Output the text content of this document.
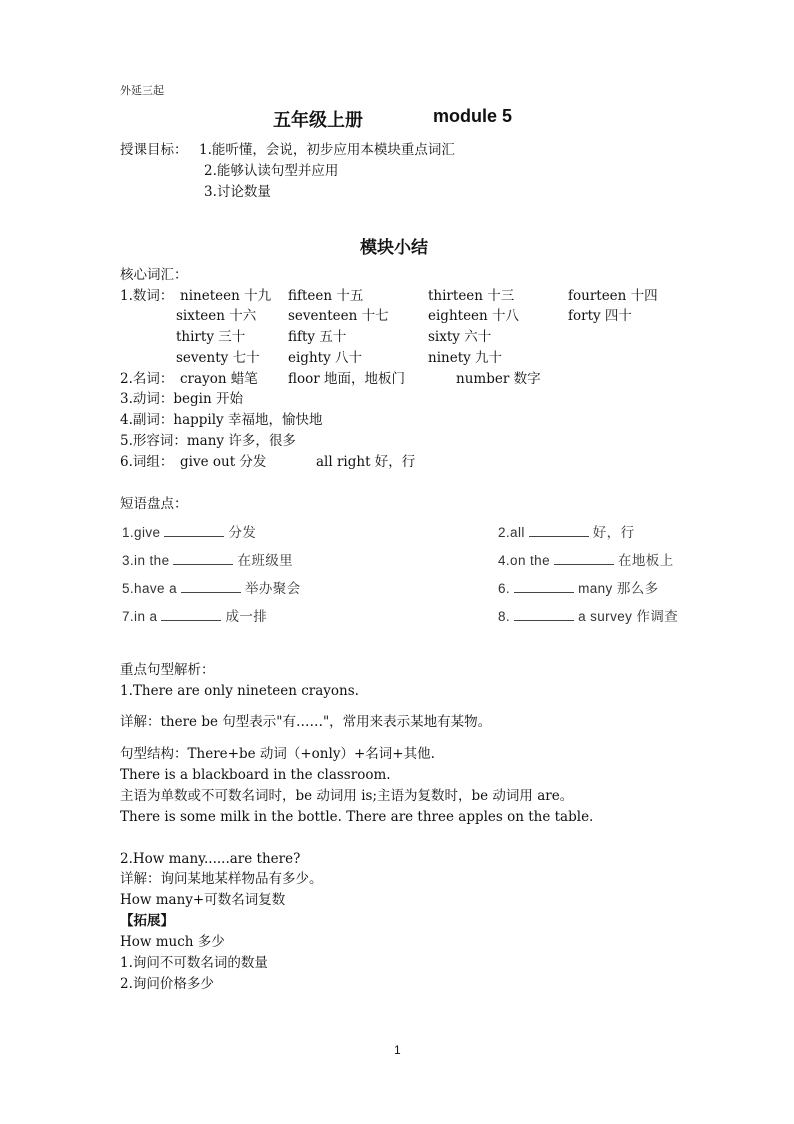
外延三起
五年级上册	module 5
授课目标： 1.能听懂，会说，初步应用本模块重点词汇
2.能够认读句型并应用
3.讨论数量
模块小结
核心词汇：
1.数词： nineteen 十九 fifteen 十五	thirteen 十三	fourteen 十四
sixteen 十六 seventeen 十七	eighteen 十八	forty 四十
thirty 三十	fifty 五十	sixty 六十
seventy 七十 eighty 八十	ninety 九十
2.名词： crayon 蜡笔 floor 地面，地板门	number 数字
3.动词：begin 开始
4.副词：happily 幸福地，愉快地
5.形容词：many 许多，很多
6.词组： give out 分发	all right 好，行
短语盘点：
1.give	分发	2.all	好，行
3.in the	在班级里	4.on the	在地板上
5.have a	举办聚会	6.	many 那么多
7.in a	成一排	8.	a survey 作调查
重点句型解析：
1.There are only nineteen crayons.
详解：there be 句型表示"有……"，常用来表示某地有某物。
句型结构：There+be 动词（+only）+名词+其他.
There is a blackboard in the classroom.
主语为单数或不可数名词时，be 动词用 is;主语为复数时，be 动词用 are。
There is some milk in the bottle. There are three apples on the table.
2.How many......are there?
详解：询问某地某样物品有多少。
How many+可数名词复数
【拓展】
How much 多少
1.询问不可数名词的数量
2.询问价格多少
1
